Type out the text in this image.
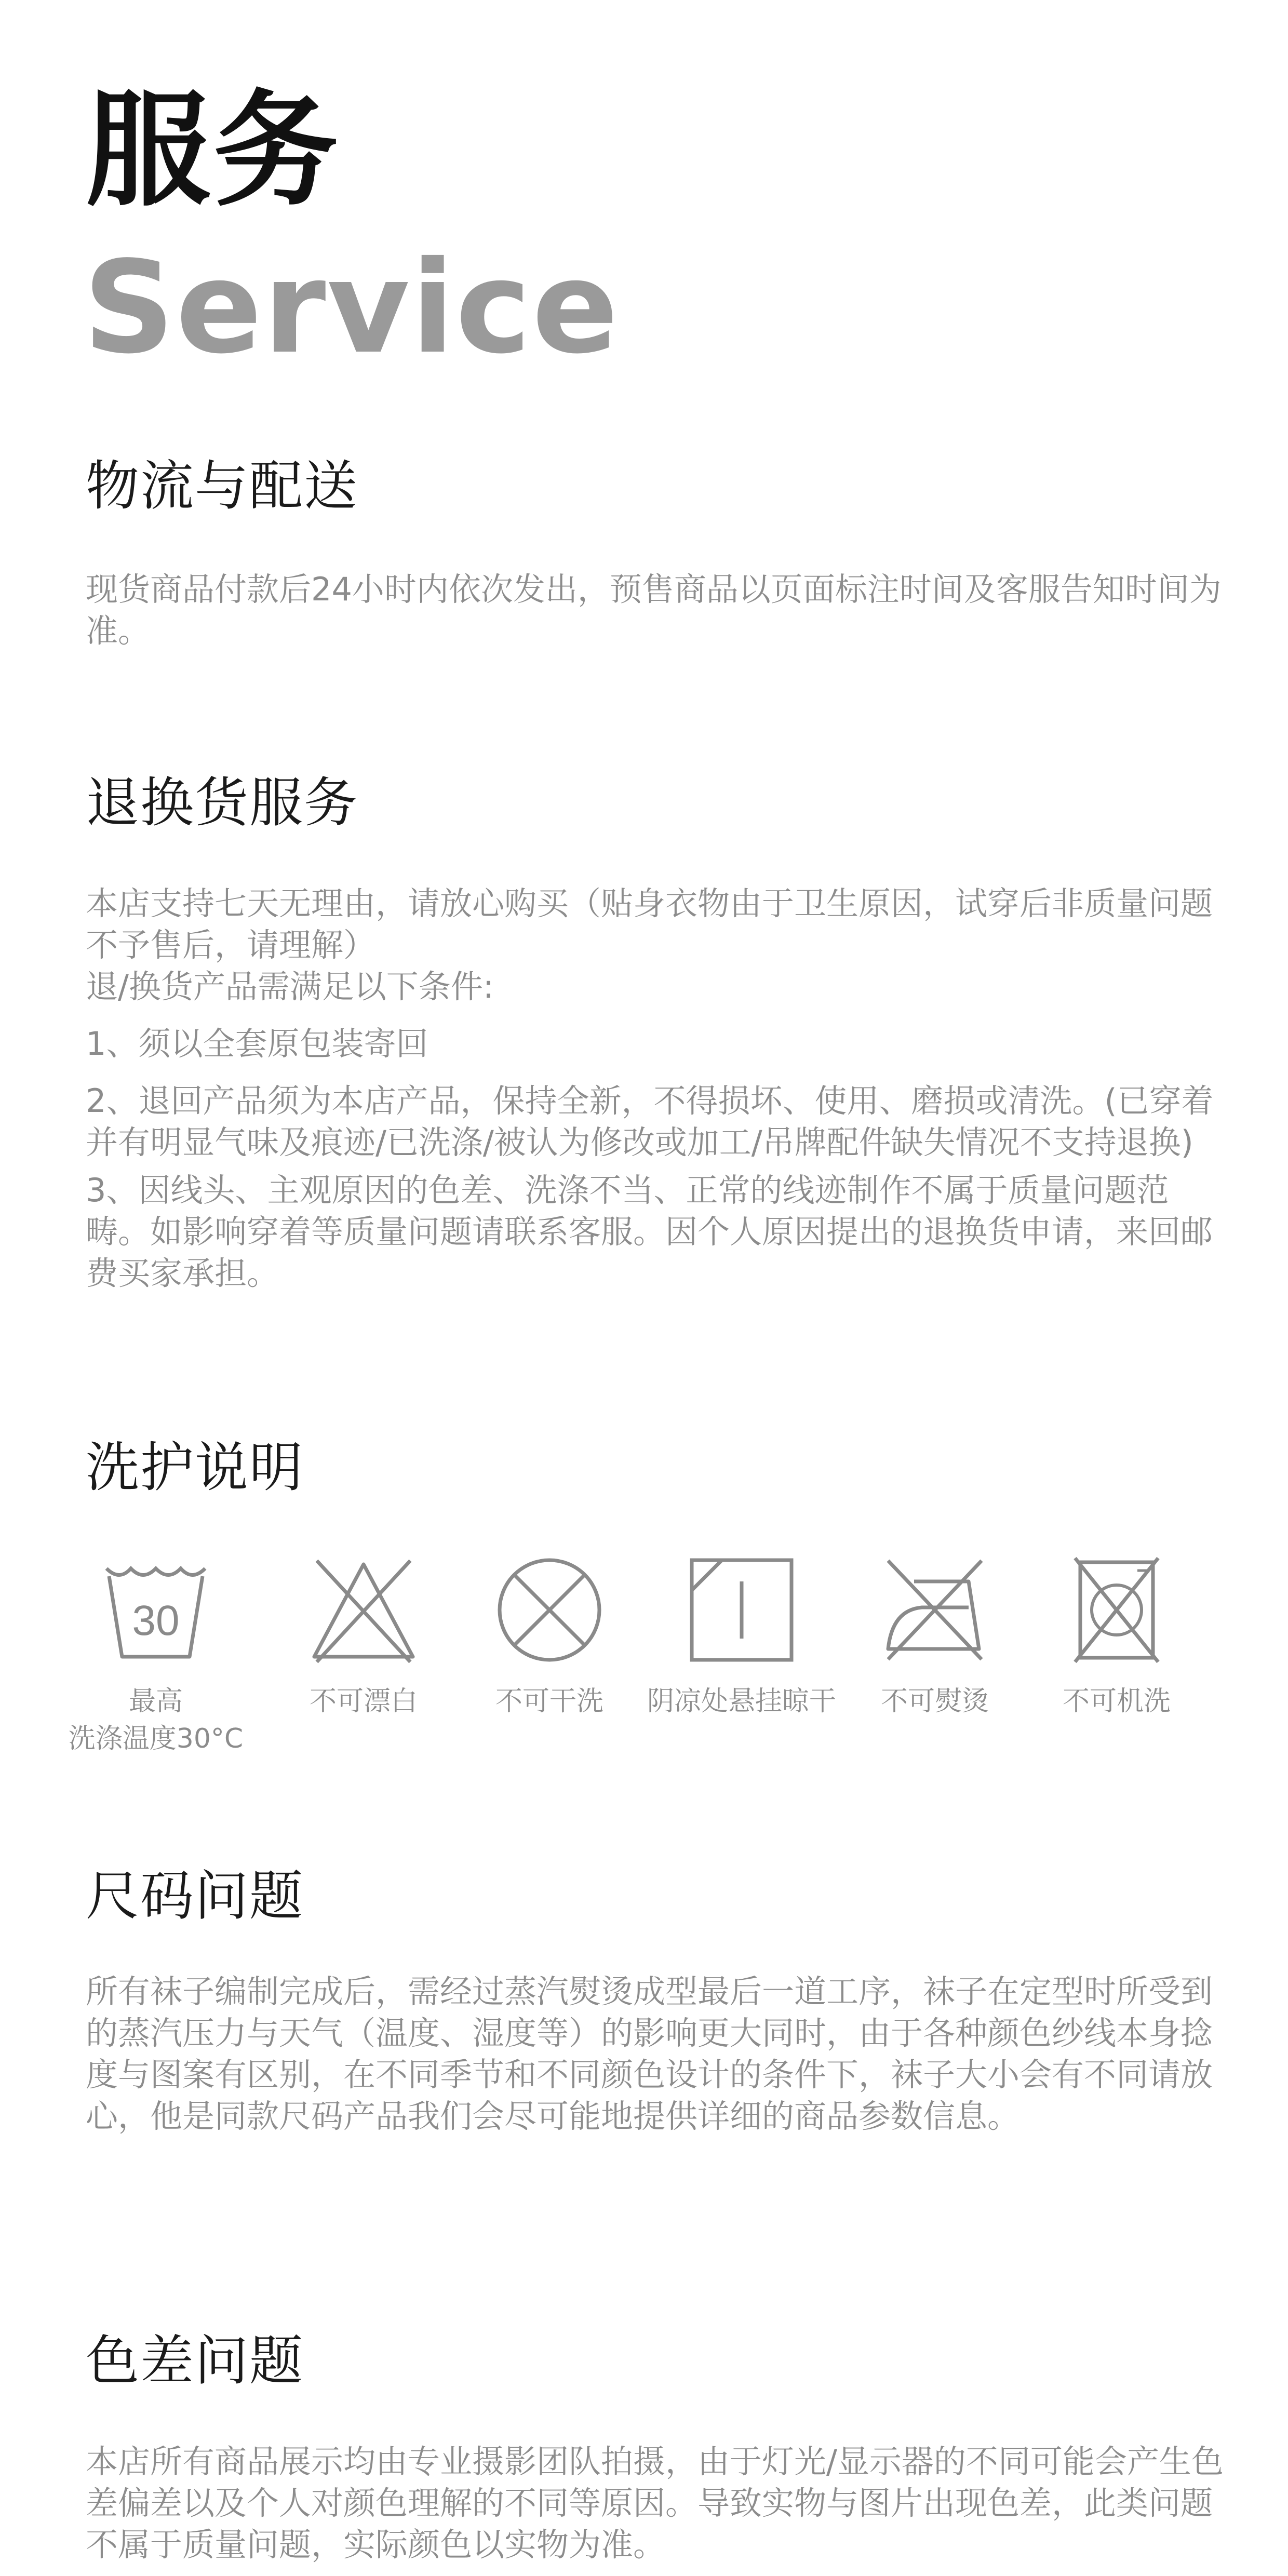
服务
Service
物流与配送
现货商品付款后24小时内依次发出，预售商品以页面标注时间及客服告知时间为准。
退换货服务

本店支持七天无理由，请放心购买（贴身衣物由于卫生原因，试穿后非质量问题不予售后，请理解）

退/换货产品需满足以下条件:

1、须以全套原包装寄回

2、退回产品须为本店产品，保持全新，不得损坏、使用、磨损或清洗。(已穿着并有明显气味及痕迹/已洗涤/被认为修改或加工/吊牌配件缺失情况不支持退换)

3、因线头、主观原因的色差、洗涤不当、正常的线迹制作不属于质量问题范畴。如影响穿着等质量问题请联系客服。因个人原因提出的退换货申请，来回邮费买家承担。

洗护说明
30
最高
洗涤温度30°C
不可漂白	不可干洗	阴凉处悬挂晾干	不可熨烫	不可机洗
尺码问题
所有袜子编制完成后，需经过蒸汽熨烫成型最后一道工序，袜子在定型时所受到的蒸汽压力与天气（温度、湿度等）的影响更大同时，由于各种颜色纱线本身捻度与图案有区别，在不同季节和不同颜色设计的条件下，袜子大小会有不同请放心，他是同款尺码产品我们会尽可能地提供详细的商品参数信息。
色差问题
本店所有商品展示均由专业摄影团队拍摄，由于灯光/显示器的不同可能会产生色差偏差以及个人对颜色理解的不同等原因。导致实物与图片出现色差，此类问题不属于质量问题，实际颜色以实物为准。
